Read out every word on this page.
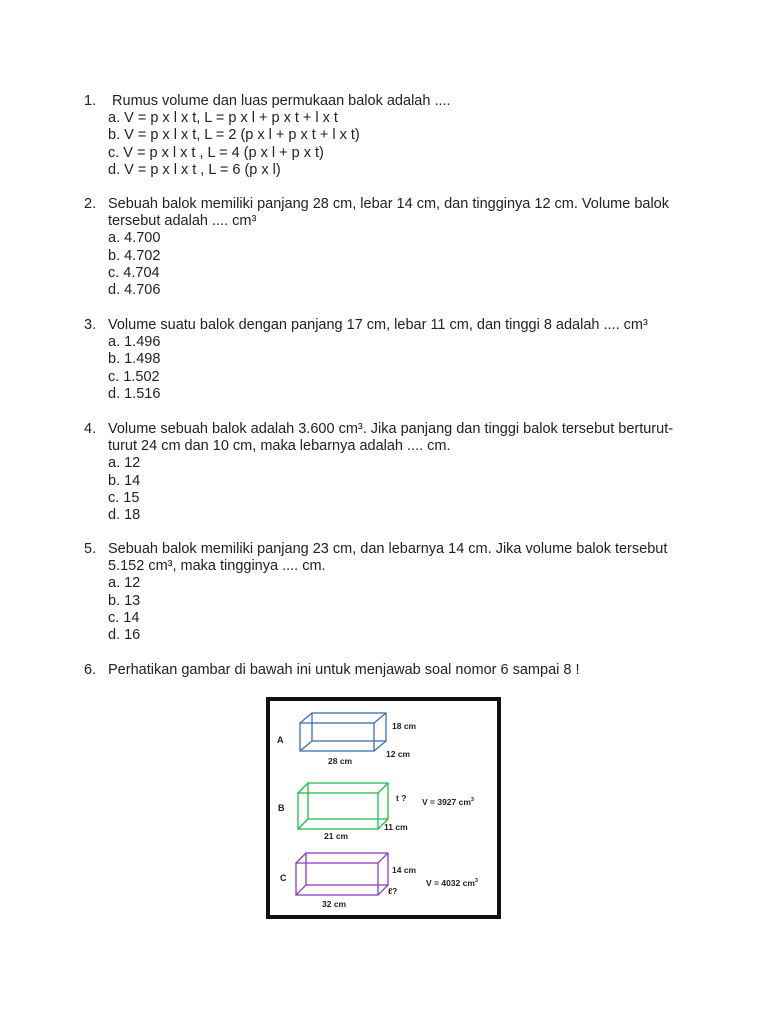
1. Rumus volume dan luas permukaan balok adalah ....
a. V = p x l x t, L = p x l + p x t + l x t
b. V = p x l x t, L = 2 (p x l + p x t + l x t)
c. V = p x l x t , L = 4 (p x l + p x t)
d. V = p x l x t , L = 6 (p x l)
2. Sebuah balok memiliki panjang 28 cm, lebar 14 cm, dan tingginya 12 cm. Volume balok tersebut adalah .... cm³
a. 4.700
b. 4.702
c. 4.704
d. 4.706
3. Volume suatu balok dengan panjang 17 cm, lebar 11 cm, dan tinggi 8 adalah .... cm³
a. 1.496
b. 1.498
c. 1.502
d. 1.516
4. Volume sebuah balok adalah 3.600 cm³. Jika panjang dan tinggi balok tersebut berturut-turut 24 cm dan 10 cm, maka lebarnya adalah .... cm.
a. 12
b. 14
c. 15
d. 18
5. Sebuah balok memiliki panjang 23 cm, dan lebarnya 14 cm. Jika volume balok tersebut 5.152 cm³, maka tingginya .... cm.
a. 12
b. 13
c. 14
d. 16
6. Perhatikan gambar di bawah ini untuk menjawab soal nomor 6 sampai 8 !
A
18 cm
12 cm
28 cm
B
t ? V = 3927 $cm^3$
11 cm
21 cm
C
14 cm
V = 4032 $cm^3$
ℓ?
32 cm
